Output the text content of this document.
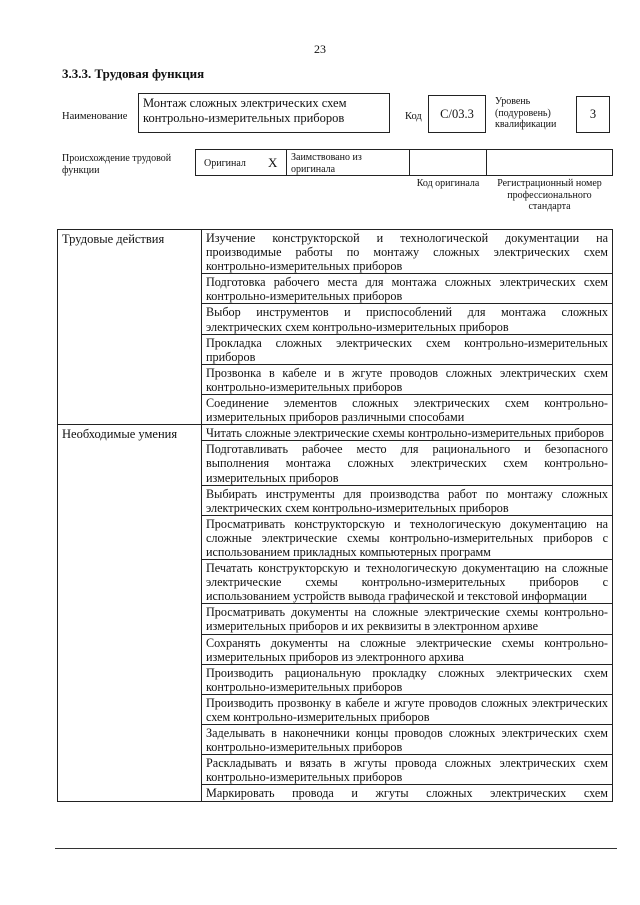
23
3.3.3. Трудовая функция
Наименование
Монтаж сложных электрических схем контрольно-измерительных приборов	Код C/03.3
Уровень (подуровень) квалификации
3
Происхождение трудовой функции
Оригинал X	Заимствовано из оригинала
Код оригинала	Регистрационный номер профессионального стандарта
Трудовые действия	Изучение конструкторской и технологической документации на производимые работы по монтажу сложных электрических схем контрольно-измерительных приборов
	Подготовка рабочего места для монтажа сложных электрических схем контрольно-измерительных приборов
	Выбор инструментов и приспособлений для монтажа сложных электрических схем контрольно-измерительных приборов
	Прокладка сложных электрических схем контрольно-измерительных приборов
	Прозвонка в кабеле и в жгуте проводов сложных электрических схем контрольно-измерительных приборов
	Соединение элементов сложных электрических схем контрольно-измерительных приборов различными способами
Необходимые умения	Читать сложные электрические схемы контрольно-измерительных приборов
	Подготавливать рабочее место для рационального и безопасного выполнения монтажа сложных электрических схем контрольно-измерительных приборов
	Выбирать инструменты для производства работ по монтажу сложных электрических схем контрольно-измерительных приборов
	Просматривать конструкторскую и технологическую документацию на сложные электрические схемы контрольно-измерительных приборов с использованием прикладных компьютерных программ
	Печатать конструкторскую и технологическую документацию на сложные электрические схемы контрольно-измерительных приборов с использованием устройств вывода графической и текстовой информации
	Просматривать документы на сложные электрические схемы контрольно-измерительных приборов и их реквизиты в электронном архиве
	Сохранять документы на сложные электрические схемы контрольно-измерительных приборов из электронного архива
	Производить рациональную прокладку сложных электрических схем контрольно-измерительных приборов
	Производить прозвонку в кабеле и жгуте проводов сложных электрических схем контрольно-измерительных приборов
	Заделывать в наконечники концы проводов сложных электрических схем контрольно-измерительных приборов
	Раскладывать и вязать в жгуты провода сложных электрических схем контрольно-измерительных приборов
	Маркировать провода и жгуты сложных электрических схем
